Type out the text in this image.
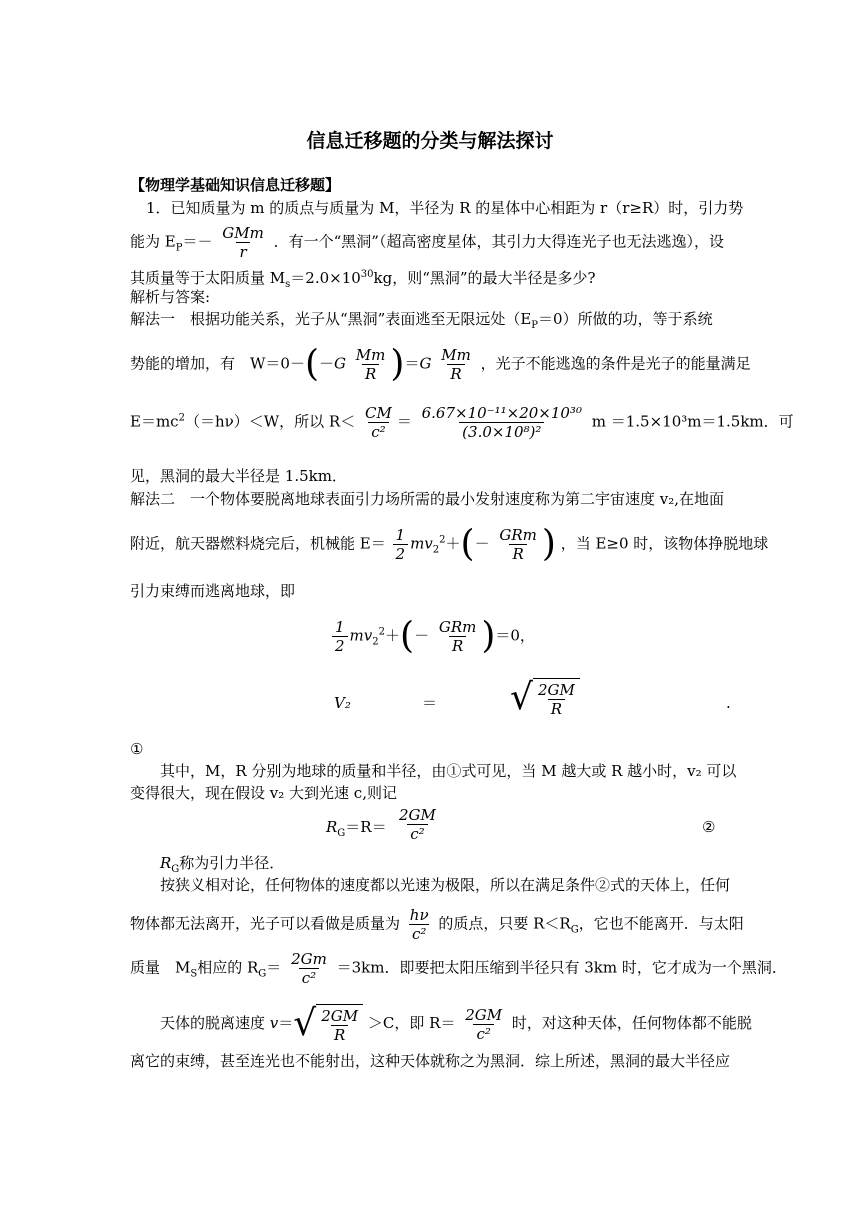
信息迁移题的分类与解法探讨
【物理学基础知识信息迁移题】
1．已知质量为 m 的质点与质量为 M，半径为 R 的星体中心相距为 r（r≥R）时，引力势
能为 $E_P=- \frac{\text{GMm}}{r}$ ．有一个“黑洞”（超高密度星体，其引力大得连光子也无法逃逸），设
其质量等于太阳质量 $M_s=2.0\times 10^{30}kg$，则“黑洞”的最大半径是多少?
解析与答案:
解法一　根据功能关系，光子从“黑洞”表面逃至无限远处$(E_P=0)$所做的功，等于系统
势能的增加，有　$W=0-(-G \frac{Mm}{R} )=G \frac{Mm}{R}$ ，光子不能逃逸的条件是光子的能量满足
$E=mc^2(=h\nu)<W$，所以 $R< \frac{CM}{\text{c²}} = \frac{\text{6.67×10⁻¹¹×20×10³⁰}}{\text{(3.0×10⁸)²}}$ m ＝1.5×10³m＝1.5km．可
见，黑洞的最大半径是 1.5km．
解法二　一个物体要脱离地球表面引力场所需的最小发射速度称为第二宇宙速度 v₂,在地面
附近，航天器燃料烧完后，机械能 $E= \frac{1}{2} mv_2^2+(- \frac{\text{GRm}}{R}$ ) ，当 E≥0 时，该物体挣脱地球
引力束缚而逃离地球，即
$\frac{1}{2} mv_2^2+(- \frac{\text{GRm}}{R} )=0$，
V₂	＝ √ $\frac{2GM}{R}$	.
①
其中，M，R 分别为地球的质量和半径，由①式可见，当 M 越大或 R 越小时，v₂ 可以
变得很大，现在假设 v₂ 大到光速 c,则记
$R_G=R= \frac{2GM}{\text{c²}}$	②
$R_G$称为引力半径．
按狭义相对论，任何物体的速度都以光速为极限，所以在满足条件②式的天体上，任何
物体都无法离开，光子可以看做是质量为 $\frac{h\nu}{\text{c²}}$ 的质点，只要 $R<R_G$，它也不能离开．与太阳
质量　$M_S$相应的 $R_G= \frac{2Gm}{\text{c²}} =3km$．即要把太阳压缩到半径只有 3km 时，它才成为一个黑洞．
天体的脱离速度 v＝ √ $\frac{2GM}{R} >C$，即 $R= \frac{2GM}{\text{c²}}$ 时，对这种天体，任何物体都不能脱
离它的束缚，甚至连光也不能射出，这种天体就称之为黑洞．综上所述，黑洞的最大半径应
